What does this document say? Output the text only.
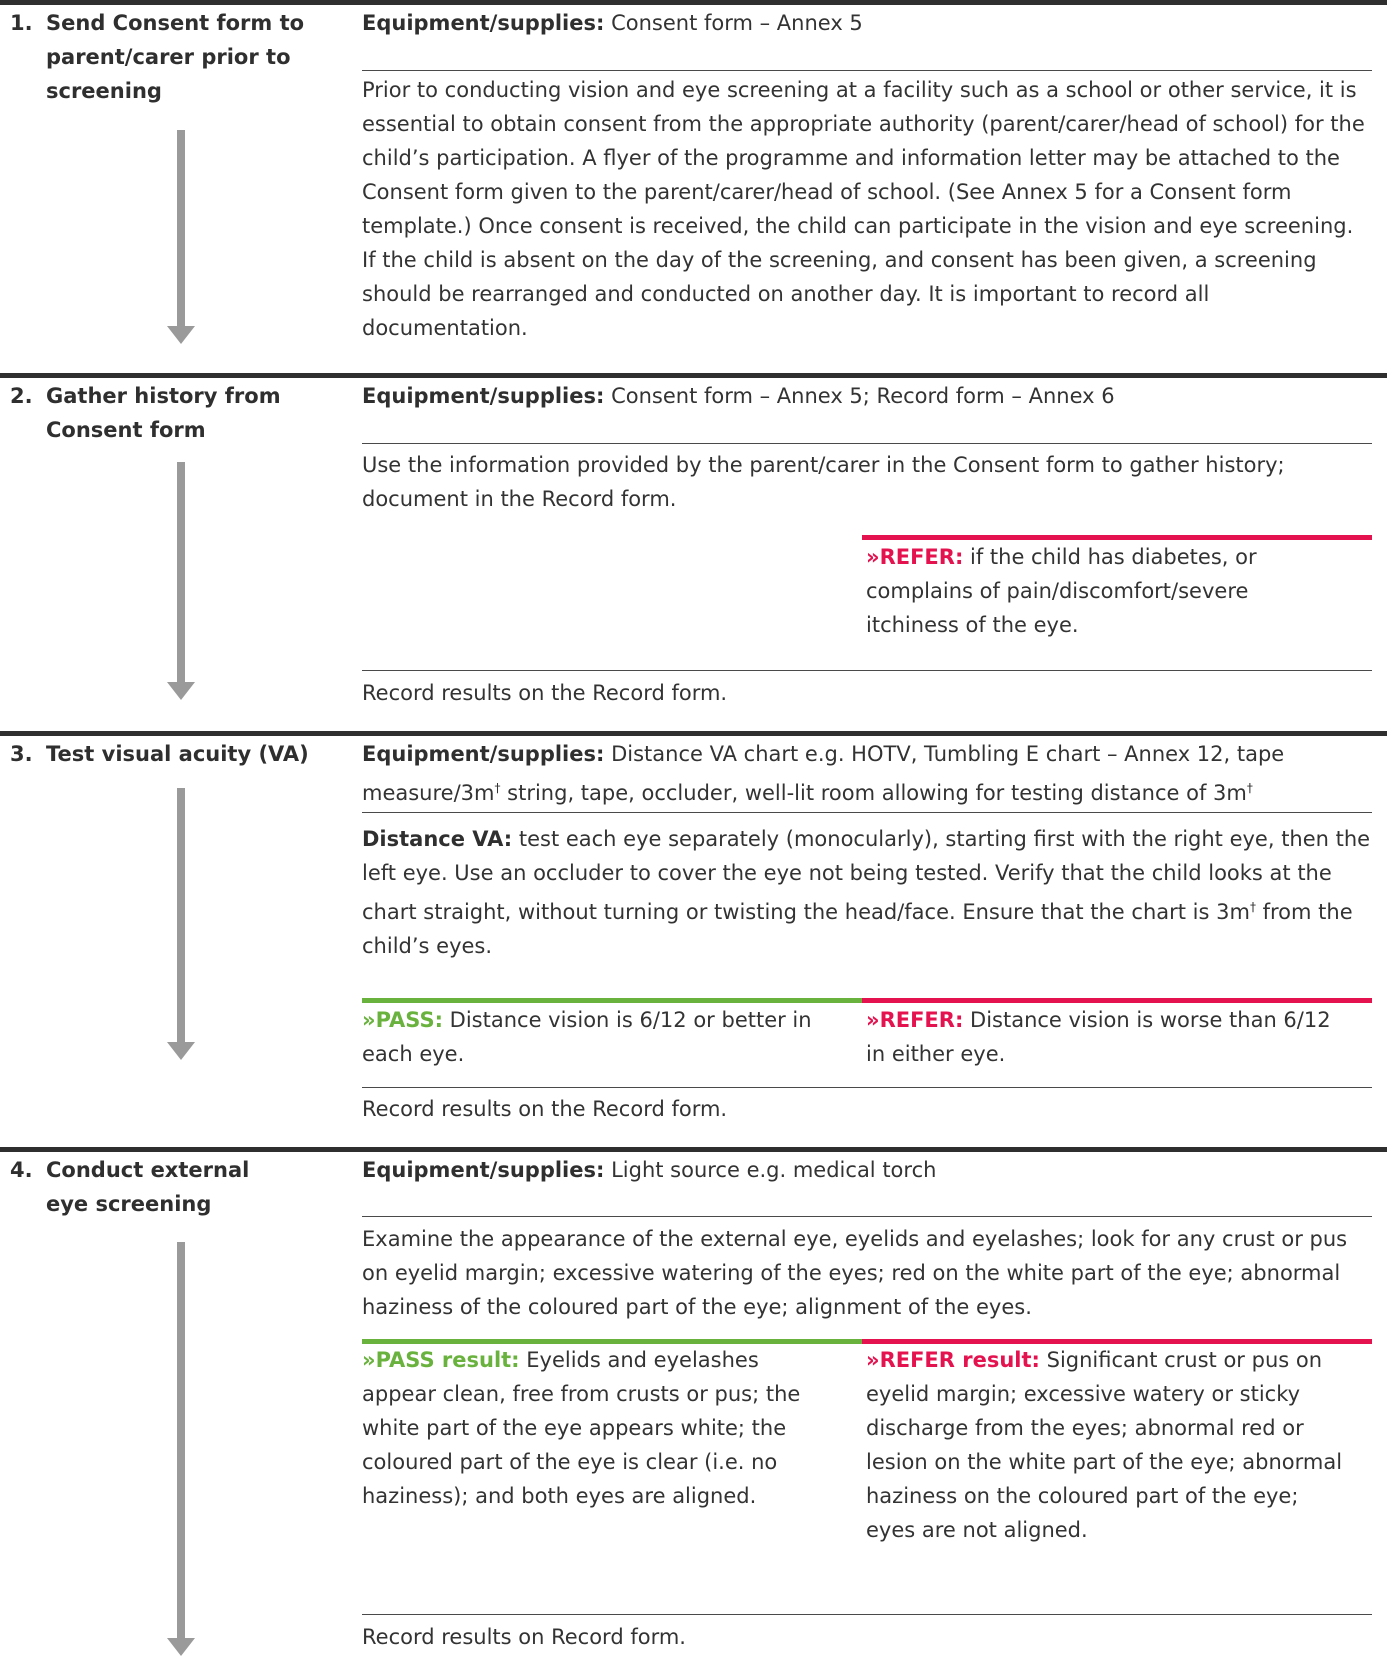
1. Send Consent form to parent/carer prior to screening
Equipment/supplies: Consent form – Annex 5
Prior to conducting vision and eye screening at a facility such as a school or other service, it is essential to obtain consent from the appropriate authority (parent/carer/head of school) for the child’s participation. A flyer of the programme and information letter may be attached to the Consent form given to the parent/carer/head of school. (See Annex 5 for a Consent form template.) Once consent is received, the child can participate in the vision and eye screening. If the child is absent on the day of the screening, and consent has been given, a screening should be rearranged and conducted on another day. It is important to record all documentation.
2. Gather history from Consent form
Equipment/supplies: Consent form – Annex 5; Record form – Annex 6
Use the information provided by the parent/carer in the Consent form to gather history; document in the Record form.
»REFER: if the child has diabetes, or complains of pain/discomfort/severe itchiness of the eye.
Record results on the Record form.
3. Test visual acuity (VA)	Equipment/supplies: Distance VA chart e.g. HOTV, Tumbling E chart – Annex 12, tape measure/3m† string, tape, occluder, well-lit room allowing for testing distance of 3m†
Distance VA: test each eye separately (monocularly), starting first with the right eye, then the left eye. Use an occluder to cover the eye not being tested. Verify that the child looks at the chart straight, without turning or twisting the head/face. Ensure that the chart is 3m† from the child’s eyes.
»PASS: Distance vision is 6/12 or better in each eye.
»REFER: Distance vision is worse than 6/12 in either eye.
Record results on the Record form.
4. Conduct external eye screening
Equipment/supplies: Light source e.g. medical torch
Examine the appearance of the external eye, eyelids and eyelashes; look for any crust or pus on eyelid margin; excessive watering of the eyes; red on the white part of the eye; abnormal haziness of the coloured part of the eye; alignment of the eyes.
»PASS result: Eyelids and eyelashes appear clean, free from crusts or pus; the white part of the eye appears white; the coloured part of the eye is clear (i.e. no haziness); and both eyes are aligned.
»REFER result: Significant crust or pus on eyelid margin; excessive watery or sticky discharge from the eyes; abnormal red or lesion on the white part of the eye; abnormal haziness on the coloured part of the eye; eyes are not aligned.
Record results on Record form.
